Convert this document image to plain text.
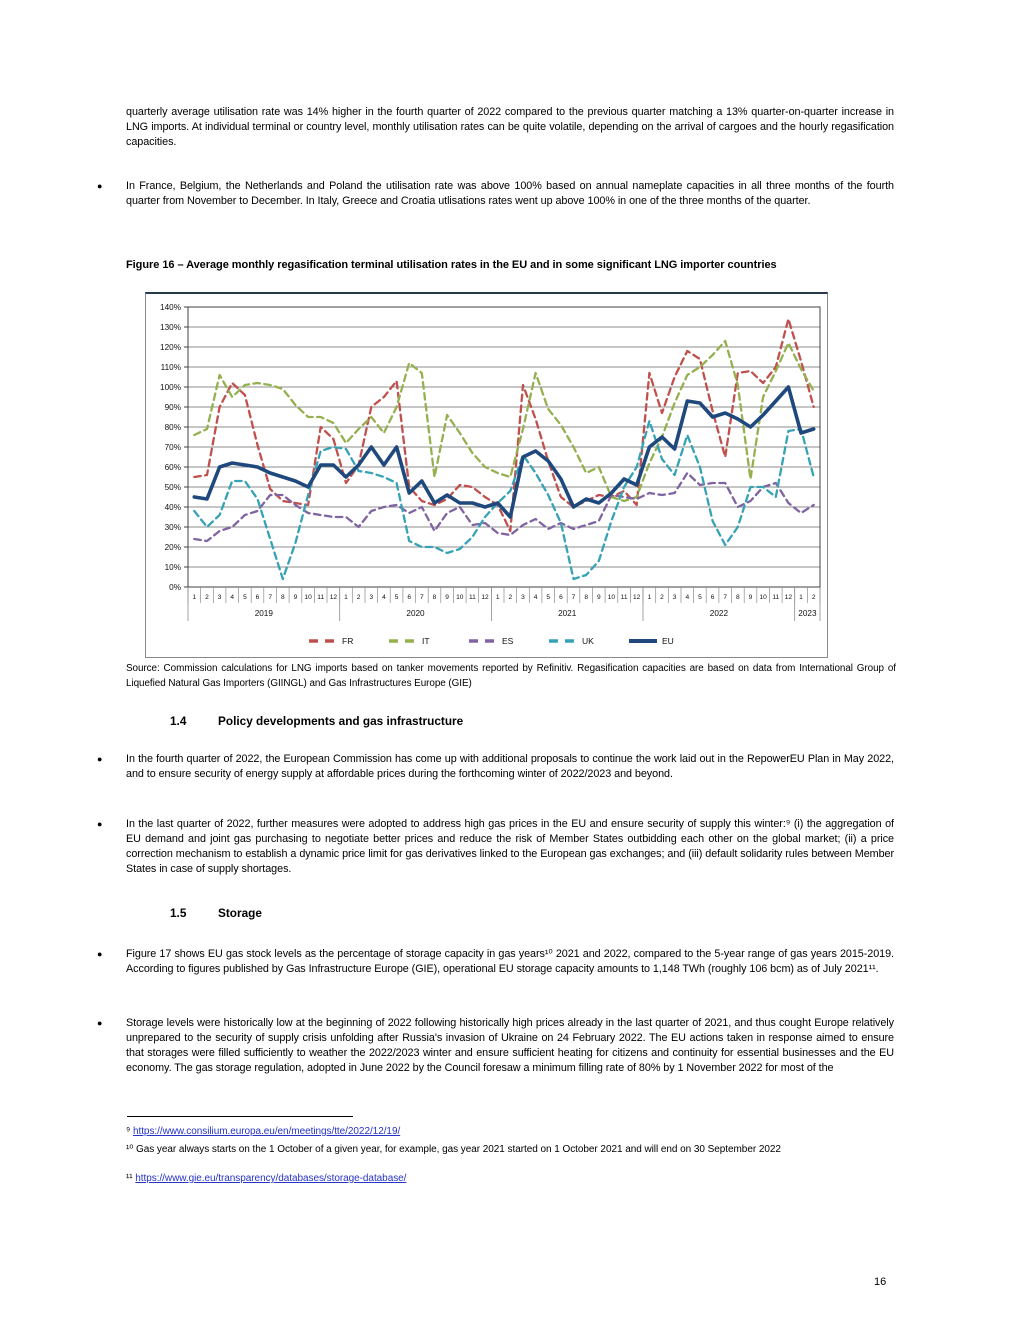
quarterly average utilisation rate was 14% higher in the fourth quarter of 2022 compared to the previous quarter matching a 13% quarter-on-quarter increase in LNG imports. At individual terminal or country level, monthly utilisation rates can be quite volatile, depending on the arrival of cargoes and the hourly regasification capacities.
●	In France, Belgium, the Netherlands and Poland the utilisation rate was above 100% based on annual nameplate capacities in all three months of the fourth quarter from November to December. In Italy, Greece and Croatia utlisations rates went up above 100% in one of the three months of the quarter.
Figure 16 – Average monthly regasification terminal utilisation rates in the EU and in some significant LNG importer countries
0%
10%
20%
30%
40%
50%
60%
70%
80%
90%
100%
110%
120%
130%
140%
1 2 3 4 5 6 7 8 9 10 11 12 1 2 3 4 5 6 7 8 9 10 11 12 1 2 3 4 5 6 7 8 9 10 11 12 1 2 3 4 5 6 7 8 9 10 11 12 1 2
2019	2020	2021	2022	2023
FR	IT	ES	UK	EU
Source: Commission calculations for LNG imports based on tanker movements reported by Refinitiv. Regasification capacities are based on data from International Group of Liquefied Natural Gas Importers (GIINGL) and Gas Infrastructures Europe (GIE)
1.4	Policy developments and gas infrastructure
●	In the fourth quarter of 2022, the European Commission has come up with additional proposals to continue the work laid out in the RepowerEU Plan in May 2022, and to ensure security of energy supply at affordable prices during the forthcoming winter of 2022/2023 and beyond.
●	In the last quarter of 2022, further measures were adopted to address high gas prices in the EU and ensure security of supply this winter:⁹ (i) the aggregation of EU demand and joint gas purchasing to negotiate better prices and reduce the risk of Member States outbidding each other on the global market; (ii) a price correction mechanism to establish a dynamic price limit for gas derivatives linked to the European gas exchanges; and (iii) default solidarity rules between Member States in case of supply shortages.
1.5	Storage
●	Figure 17 shows EU gas stock levels as the percentage of storage capacity in gas years¹⁰ 2021 and 2022, compared to the 5-year range of gas years 2015-2019. According to figures published by Gas Infrastructure Europe (GIE), operational EU storage capacity amounts to 1,148 TWh (roughly 106 bcm) as of July 2021¹¹.
●	Storage levels were historically low at the beginning of 2022 following historically high prices already in the last quarter of 2021, and thus cought Europe relatively unprepared to the security of supply crisis unfolding after Russia's invasion of Ukraine on 24 February 2022. The EU actions taken in response aimed to ensure that storages were filled sufficiently to weather the 2022/2023 winter and ensure sufficient heating for citizens and continuity for essential businesses and the EU economy. The gas storage regulation, adopted in June 2022 by the Council foresaw a minimum filling rate of 80% by 1 November 2022 for most of the
⁹ https://www.consilium.europa.eu/en/meetings/tte/2022/12/19/
¹⁰ Gas year always starts on the 1 October of a given year, for example, gas year 2021 started on 1 October 2021 and will end on 30 September 2022
¹¹ https://www.gie.eu/transparency/databases/storage-database/
16
